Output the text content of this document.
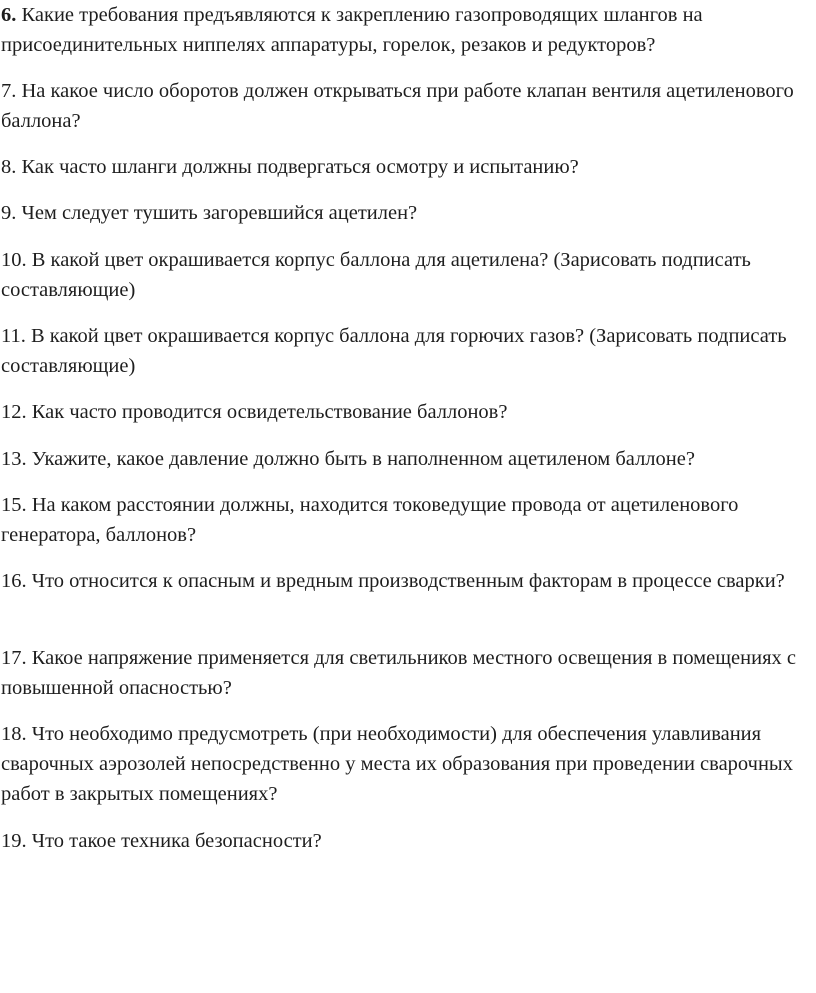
6. Какие требования предъявляются к закреплению газопроводящих шлангов на присоединительных ниппелях аппаратуры, горелок, резаков и редукторов?

7. На какое число оборотов должен открываться при работе клапан вентиля ацетиленового баллона?

8. Как часто шланги должны подвергаться осмотру и испытанию?

9. Чем следует тушить загоревшийся ацетилен?

10. В какой цвет окрашивается корпус баллона для ацетилена? (Зарисовать подписать составляющие)

11. В какой цвет окрашивается корпус баллона для горючих газов? (Зарисовать подписать составляющие)

12. Как часто проводится освидетельствование баллонов?

13. Укажите, какое давление должно быть в наполненном ацетиленом баллоне?

15. На каком расстоянии должны, находится токоведущие провода от ацетиленового генератора, баллонов?

16. Что относится к опасным и вредным производственным факторам в процессе сварки?

17. Какое напряжение применяется для светильников местного освещения в помещениях с повышенной опасностью?

18. Что необходимо предусмотреть (при необходимости) для обеспечения улавливания сварочных аэрозолей непосредственно у места их образования при проведении сварочных работ в закрытых помещениях?

19. Что такое техника безопасности?
